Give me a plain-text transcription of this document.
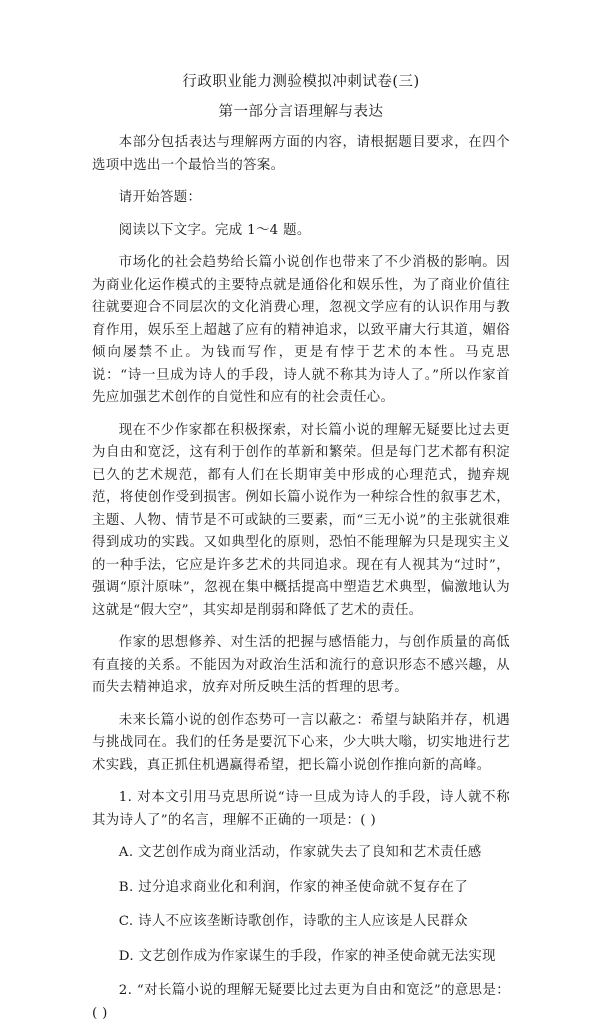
行政职业能力测验模拟冲刺试卷(三)
第一部分言语理解与表达

本部分包括表达与理解两方面的内容，请根据题目要求，在四个选项中选出一个最恰当的答案。

请开始答题：

阅读以下文字。完成 1～4 题。

市场化的社会趋势给长篇小说创作也带来了不少消极的影响。因为商业化运作模式的主要特点就是通俗化和娱乐性，为了商业价值往往就要迎合不同层次的文化消费心理，忽视文学应有的认识作用与教育作用，娱乐至上超越了应有的精神追求，以致平庸大行其道，媚俗倾向屡禁不止。为钱而写作，更是有悖于艺术的本性。马克思说：“诗一旦成为诗人的手段，诗人就不称其为诗人了。”所以作家首先应加强艺术创作的自觉性和应有的社会责任心。

现在不少作家都在积极探索，对长篇小说的理解无疑要比过去更为自由和宽泛，这有利于创作的革新和繁荣。但是每门艺术都有积淀已久的艺术规范，都有人们在长期审美中形成的心理范式，抛弃规范，将使创作受到损害。例如长篇小说作为一种综合性的叙事艺术，主题、人物、情节是不可或缺的三要素，而“三无小说”的主张就很难得到成功的实践。又如典型化的原则，恐怕不能理解为只是现实主义的一种手法，它应是许多艺术的共同追求。现在有人视其为“过时”，强调“原汁原味”，忽视在集中概括提高中塑造艺术典型，偏激地认为这就是“假大空”，其实却是削弱和降低了艺术的责任。

作家的思想修养、对生活的把握与感悟能力，与创作质量的高低有直接的关系。不能因为对政治生活和流行的意识形态不感兴趣，从而失去精神追求，放弃对所反映生活的哲理的思考。

未来长篇小说的创作态势可一言以蔽之：希望与缺陷并存，机遇与挑战同在。我们的任务是要沉下心来，少大哄大嗡，切实地进行艺术实践，真正抓住机遇赢得希望，把长篇小说创作推向新的高峰。

1. 对本文引用马克思所说“诗一旦成为诗人的手段，诗人就不称其为诗人了”的名言，理解不正确的一项是：( )

A. 文艺创作成为商业活动，作家就失去了良知和艺术责任感
B. 过分追求商业化和利润，作家的神圣使命就不复存在了
C. 诗人不应该垄断诗歌创作，诗歌的主人应该是人民群众
D. 文艺创作成为作家谋生的手段，作家的神圣使命就无法实现

2. “对长篇小说的理解无疑要比过去更为自由和宽泛”的意思是：( )
